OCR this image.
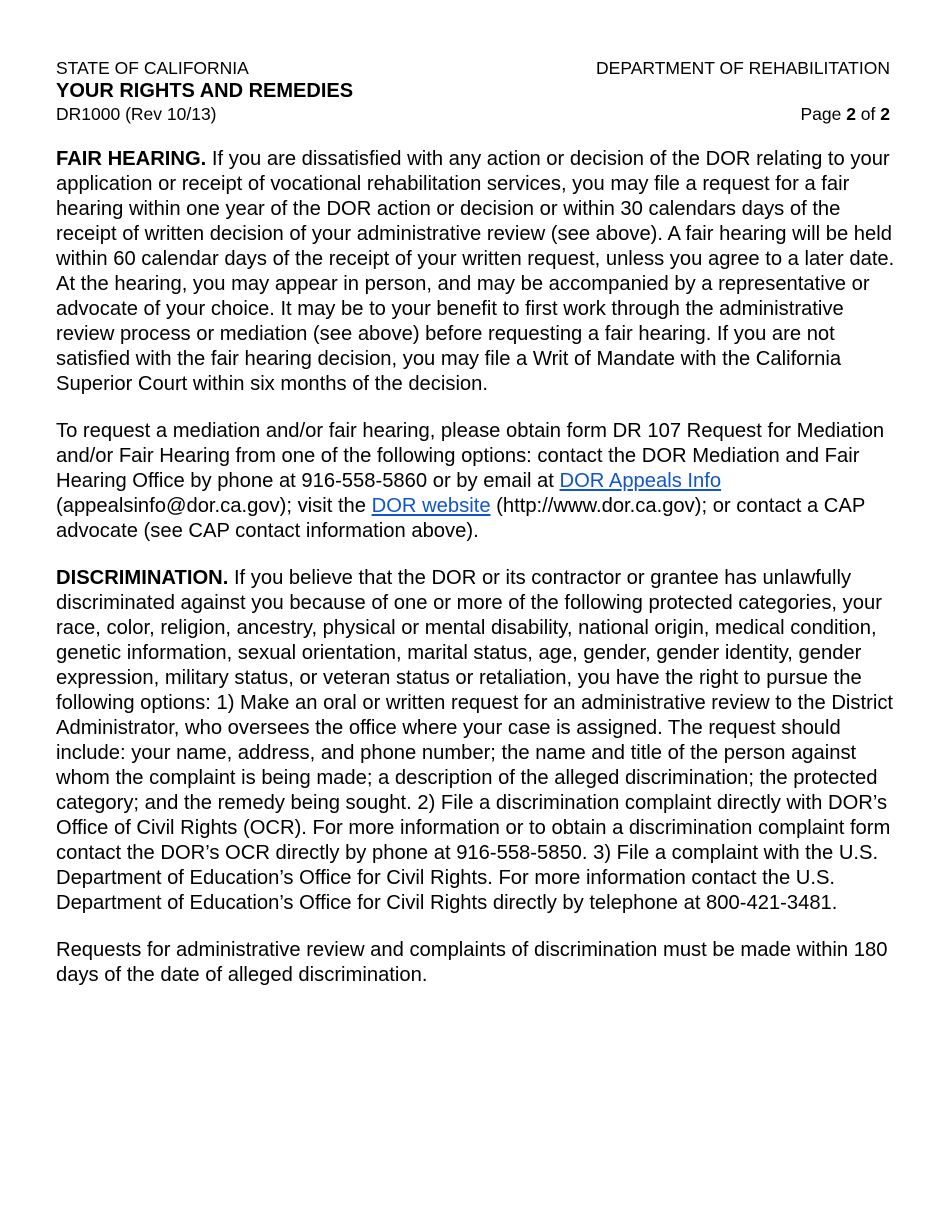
STATE OF CALIFORNIA	DEPARTMENT OF REHABILITATION
YOUR RIGHTS AND REMEDIES
DR1000 (Rev 10/13)	Page 2 of 2

FAIR HEARING. If you are dissatisfied with any action or decision of the DOR relating to your application or receipt of vocational rehabilitation services, you may file a request for a fair hearing within one year of the DOR action or decision or within 30 calendars days of the receipt of written decision of your administrative review (see above). A fair hearing will be held within 60 calendar days of the receipt of your written request, unless you agree to a later date. At the hearing, you may appear in person, and may be accompanied by a representative or advocate of your choice. It may be to your benefit to first work through the administrative review process or mediation (see above) before requesting a fair hearing. If you are not satisfied with the fair hearing decision, you may file a Writ of Mandate with the California Superior Court within six months of the decision.

To request a mediation and/or fair hearing, please obtain form DR 107 Request for Mediation and/or Fair Hearing from one of the following options: contact the DOR Mediation and Fair Hearing Office by phone at 916-558-5860 or by email at DOR Appeals Info (appealsinfo@dor.ca.gov); visit the DOR website (http://www.dor.ca.gov); or contact a CAP advocate (see CAP contact information above).

DISCRIMINATION. If you believe that the DOR or its contractor or grantee has unlawfully discriminated against you because of one or more of the following protected categories, your race, color, religion, ancestry, physical or mental disability, national origin, medical condition, genetic information, sexual orientation, marital status, age, gender, gender identity, gender expression, military status, or veteran status or retaliation, you have the right to pursue the following options: 1) Make an oral or written request for an administrative review to the District Administrator, who oversees the office where your case is assigned. The request should include: your name, address, and phone number; the name and title of the person against whom the complaint is being made; a description of the alleged discrimination; the protected category; and the remedy being sought. 2) File a discrimination complaint directly with DOR’s Office of Civil Rights (OCR). For more information or to obtain a discrimination complaint form contact the DOR’s OCR directly by phone at 916-558-5850. 3) File a complaint with the U.S. Department of Education’s Office for Civil Rights. For more information contact the U.S. Department of Education’s Office for Civil Rights directly by telephone at 800-421-3481.

Requests for administrative review and complaints of discrimination must be made within 180 days of the date of alleged discrimination.
